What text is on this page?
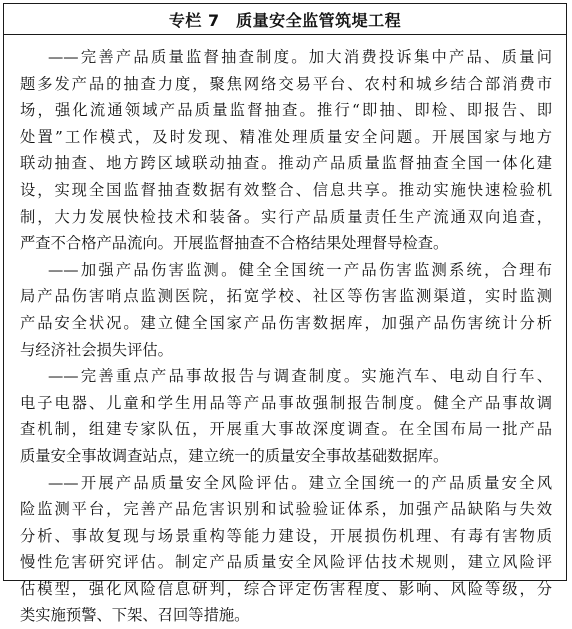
专栏 7　质量安全监管筑堤工程
——完善产品质量监督抽查制度。加大消费投诉集中产品、质量问
题多发产品的抽查力度，聚焦网络交易平台、农村和城乡结合部消费市
场，强化流通领域产品质量监督抽查。推行“即抽、即检、即报告、即
处置”工作模式，及时发现、精准处理质量安全问题。开展国家与地方
联动抽查、地方跨区域联动抽查。推动产品质量监督抽查全国一体化建
设，实现全国监督抽查数据有效整合、信息共享。推动实施快速检验机
制，大力发展快检技术和装备。实行产品质量责任生产流通双向追查，
严查不合格产品流向。开展监督抽查不合格结果处理督导检查。
——加强产品伤害监测。健全全国统一产品伤害监测系统，合理布
局产品伤害哨点监测医院，拓宽学校、社区等伤害监测渠道，实时监测
产品安全状况。建立健全国家产品伤害数据库，加强产品伤害统计分析
与经济社会损失评估。
——完善重点产品事故报告与调查制度。实施汽车、电动自行车、
电子电器、儿童和学生用品等产品事故强制报告制度。健全产品事故调
查机制，组建专家队伍，开展重大事故深度调查。在全国布局一批产品
质量安全事故调查站点，建立统一的质量安全事故基础数据库。
——开展产品质量安全风险评估。建立全国统一的产品质量安全风
险监测平台，完善产品危害识别和试验验证体系，加强产品缺陷与失效
分析、事故复现与场景重构等能力建设，开展损伤机理、有毒有害物质
慢性危害研究评估。制定产品质量安全风险评估技术规则，建立风险评
估模型，强化风险信息研判，综合评定伤害程度、影响、风险等级，分
类实施预警、下架、召回等措施。
